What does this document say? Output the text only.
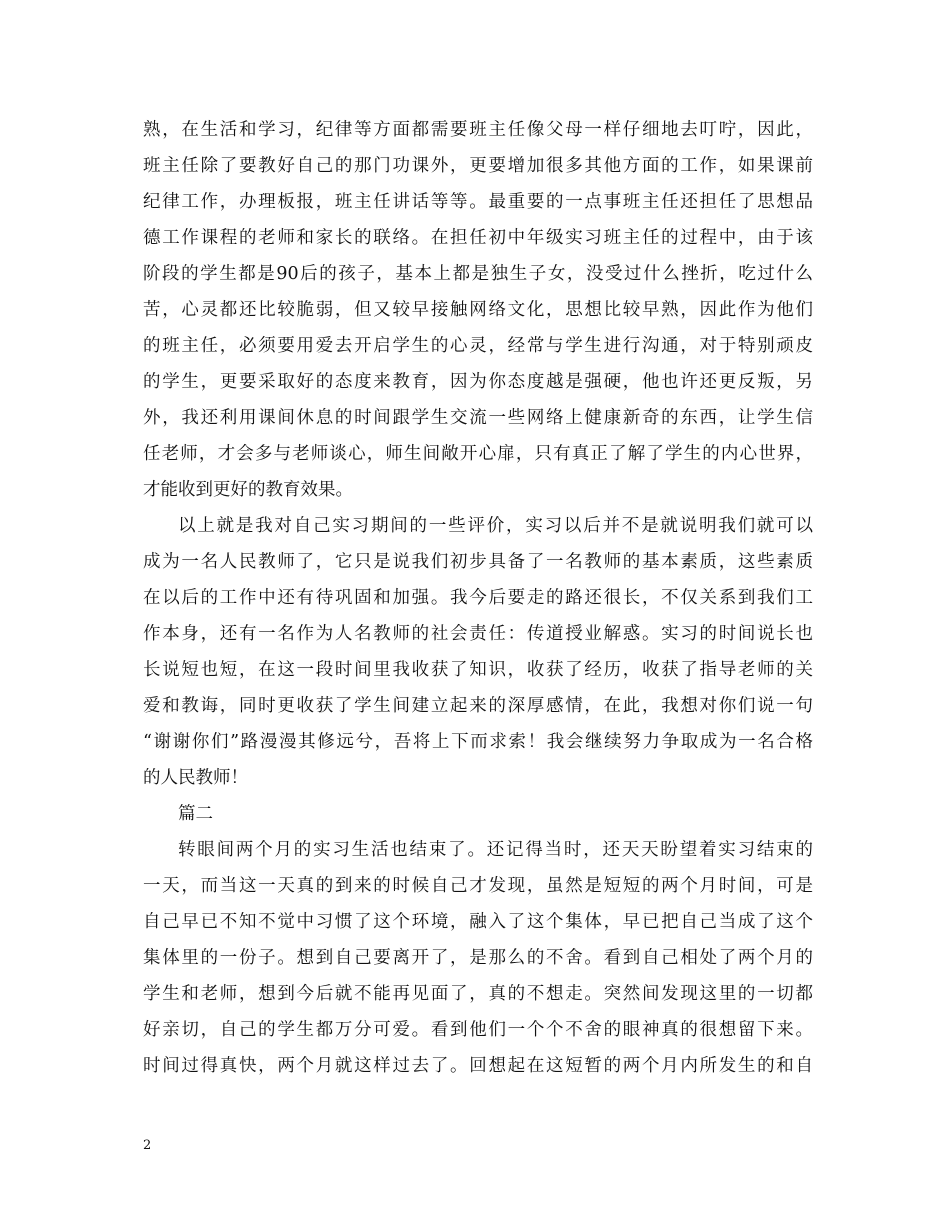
熟，在生活和学习，纪律等方面都需要班主任像父母一样仔细地去叮咛，因此，
班主任除了要教好自己的那门功课外，更要增加很多其他方面的工作，如果课前
纪律工作，办理板报，班主任讲话等等。最重要的一点事班主任还担任了思想品
德工作课程的老师和家长的联络。在担任初中年级实习班主任的过程中，由于该
阶段的学生都是90后的孩子，基本上都是独生子女，没受过什么挫折，吃过什么
苦，心灵都还比较脆弱，但又较早接触网络文化，思想比较早熟，因此作为他们
的班主任，必须要用爱去开启学生的心灵，经常与学生进行沟通，对于特别顽皮
的学生，更要采取好的态度来教育，因为你态度越是强硬，他也许还更反叛，另
外，我还利用课间休息的时间跟学生交流一些网络上健康新奇的东西，让学生信
任老师，才会多与老师谈心，师生间敞开心扉，只有真正了解了学生的内心世界，
才能收到更好的教育效果。
以上就是我对自己实习期间的一些评价，实习以后并不是就说明我们就可以
成为一名人民教师了，它只是说我们初步具备了一名教师的基本素质，这些素质
在以后的工作中还有待巩固和加强。我今后要走的路还很长，不仅关系到我们工
作本身，还有一名作为人名教师的社会责任：传道授业解惑。实习的时间说长也
长说短也短，在这一段时间里我收获了知识，收获了经历，收获了指导老师的关
爱和教诲，同时更收获了学生间建立起来的深厚感情，在此，我想对你们说一句
“谢谢你们”路漫漫其修远兮，吾将上下而求索！我会继续努力争取成为一名合格
的人民教师！
篇二
转眼间两个月的实习生活也结束了。还记得当时，还天天盼望着实习结束的
一天，而当这一天真的到来的时候自己才发现，虽然是短短的两个月时间，可是
自己早已不知不觉中习惯了这个环境，融入了这个集体，早已把自己当成了这个
集体里的一份子。想到自己要离开了，是那么的不舍。看到自己相处了两个月的
学生和老师，想到今后就不能再见面了，真的不想走。突然间发现这里的一切都
好亲切，自己的学生都万分可爱。看到他们一个个不舍的眼神真的很想留下来。
时间过得真快，两个月就这样过去了。回想起在这短暂的两个月内所发生的和自
2
